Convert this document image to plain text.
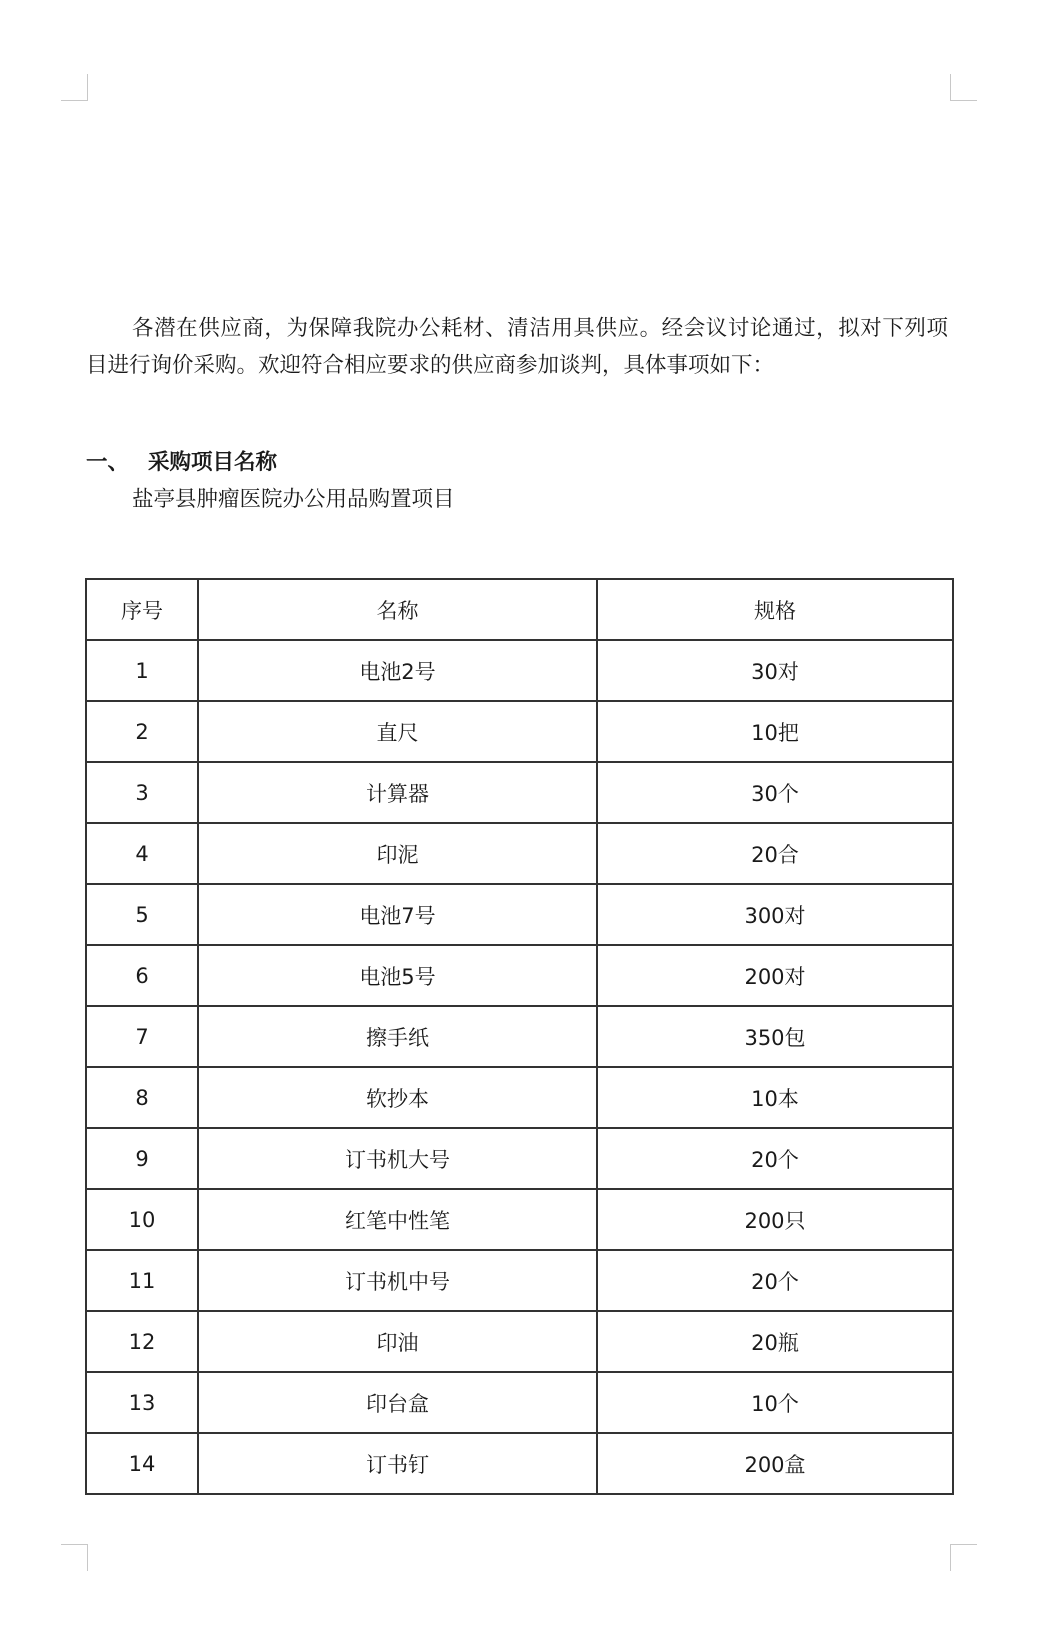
各潜在供应商，为保障我院办公耗材、清洁用具供应。经会议讨论通过，拟对下列项目进行询价采购。欢迎符合相应要求的供应商参加谈判，具体事项如下：

一、 采购项目名称
盐亭县肿瘤医院办公用品购置项目
序号	名称	规格
1	电池2号	30对
2	直尺	10把
3	计算器	30个
4	印泥	20合
5	电池7号	300对
6	电池5号	200对
7	擦手纸	350包
8	软抄本	10本
9	订书机大号	20个
10	红笔中性笔	200只
11	订书机中号	20个
12	印油	20瓶
13	印台盒	10个
14	订书钉	200盒
